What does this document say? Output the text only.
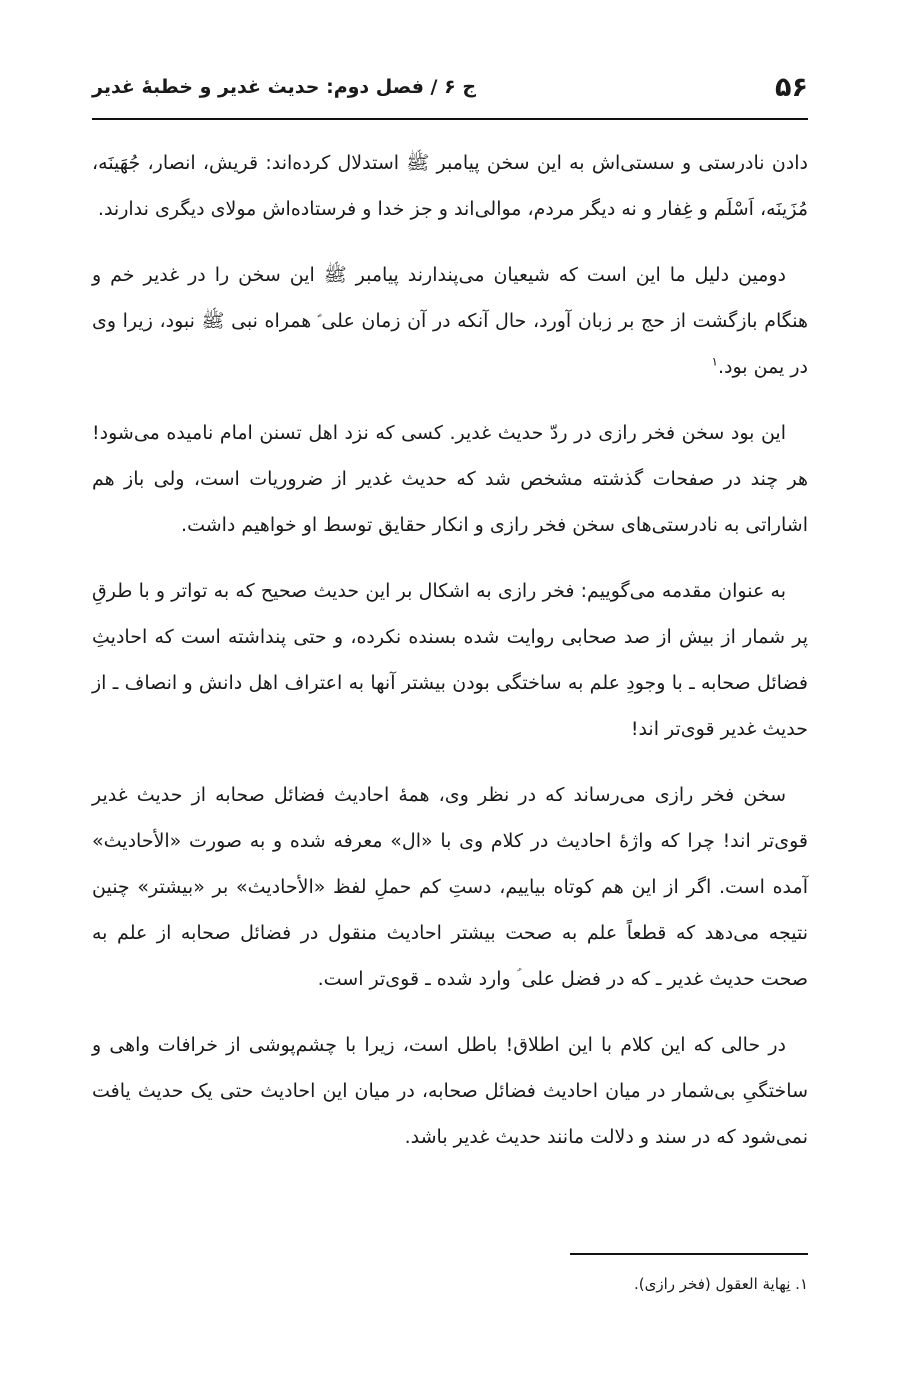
۵۶
ج ۶ / فصل دوم: حدیث غدیر و خطبهٔ غدیر

دادن نادرستی و سستی‌اش به این سخن پیامبر ﷺ استدلال کرده‌اند: قریش، انصار، جُهَینَه، مُزَینَه، اَسْلَم و غِفار و نه دیگر مردم، موالی‌اند و جز خدا و فرستاده‌اش مولای دیگری ندارند.

دومین دلیل ما این است که شیعیان می‌پندارند پیامبر ﷺ این سخن را در غدیر خم و هنگام بازگشت از حج بر زبان آورد، حال آنکه در آن زمان علی ؑ همراه نبی ﷺ نبود، زیرا وی در یمن بود.$^۱$

این بود سخن فخر رازی در ردّ حدیث غدیر. کسی که نزد اهل تسنن امام نامیده می‌شود! هر چند در صفحات گذشته مشخص شد که حدیث غدیر از ضروریات است، ولی باز هم اشاراتی به نادرستی‌های سخن فخر رازی و انکار حقایق توسط او خواهیم داشت.

به عنوان مقدمه می‌گوییم: فخر رازی به اشکال بر این حدیث صحیح که به تواتر و با طرقِ پر شمار از بیش از صد صحابی روایت شده بسنده نکرده، و حتی پنداشته است که احادیثِ فضائل صحابه ـ با وجودِ علم به ساختگی بودن بیشتر آنها به اعتراف اهل دانش و انصاف ـ از حدیث غدیر قوی‌تر اند!

سخن فخر رازی می‌رساند که در نظر وی، همهٔ احادیث فضائل صحابه از حدیث غدیر قوی‌تر اند! چرا که واژهٔ احادیث در کلام وی با «ال» معرفه شده و به صورت «الأحادیث» آمده است. اگر از این هم کوتاه بیاییم، دستِ کم حملِ لفظ «الأحادیث» بر «بیشتر» چنین نتیجه می‌دهد که قطعاً علم به صحت بیشتر احادیث منقول در فضائل صحابه از علم به صحت حدیث غدیر ـ که در فضل علی ؑ وارد شده ـ قوی‌تر است.

در حالی که این کلام با این اطلاق! باطل است، زیرا با چشم‌پوشی از خرافات واهی و ساختگیِ بی‌شمار در میان احادیث فضائل صحابه، در میان این احادیث حتی یک حدیث یافت نمی‌شود که در سند و دلالت مانند حدیث غدیر باشد.

۱. نِهایة العقول (فخر رازی).
